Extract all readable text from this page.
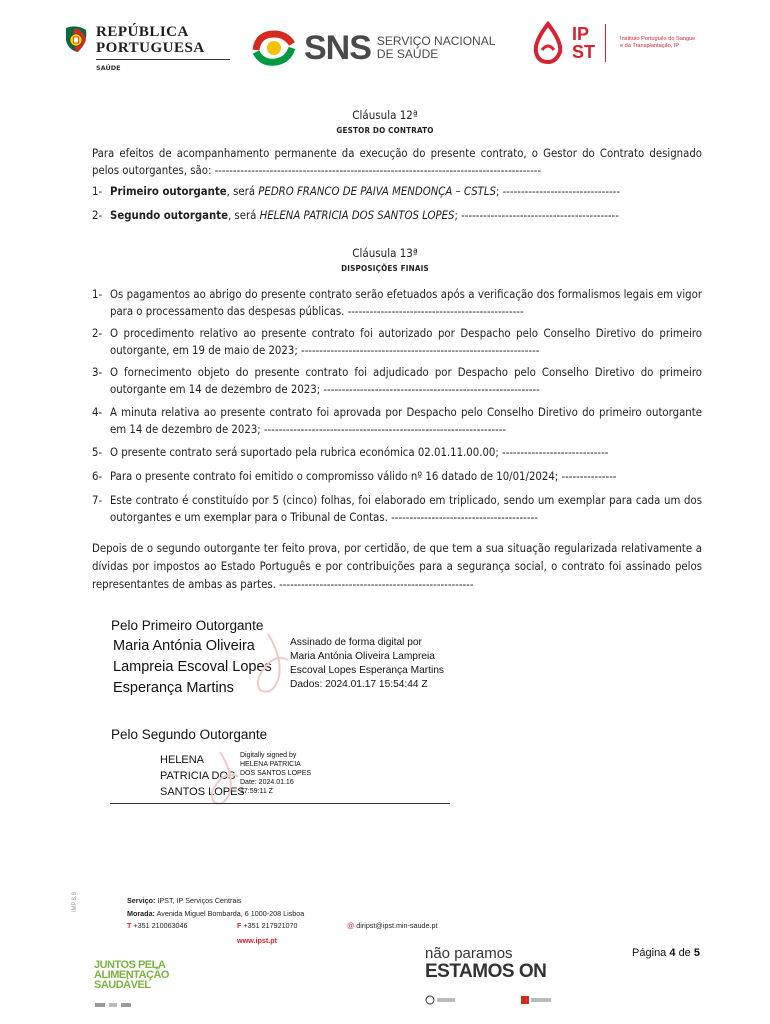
REPÚBLICA
PORTUGUESA
SAÚDE
SNS SERVIÇO NACIONAL
DE SAÚDE
IP
ST
Instituto Português do Sangue
e da Transplantação, IP
Cláusula 12ª
GESTOR DO CONTRATO
Para efeitos de acompanhamento permanente da execução do presente contrato, o Gestor do Contrato designado pelos outorgantes, são: -----------------------------------------------------------------------------------------
1- Primeiro outorgante, será PEDRO FRANCO DE PAIVA MENDONÇA – CSTLS; --------------------------------
2- Segundo outorgante, será HELENA PATRICIA DOS SANTOS LOPES; -------------------------------------------
Cláusula 13ª
DISPOSIÇÕES FINAIS
1- Os pagamentos ao abrigo do presente contrato serão efetuados após a verificação dos formalismos legais em vigor para o processamento das despesas públicas. ------------------------------------------------
2- O procedimento relativo ao presente contrato foi autorizado por Despacho pelo Conselho Diretivo do primeiro outorgante, em 19 de maio de 2023; -----------------------------------------------------------------
3- O fornecimento objeto do presente contrato foi adjudicado por Despacho pelo Conselho Diretivo do primeiro outorgante em 14 de dezembro de 2023; -----------------------------------------------------------
4- A minuta relativa ao presente contrato foi aprovada por Despacho pelo Conselho Diretivo do primeiro outorgante em 14 de dezembro de 2023; ------------------------------------------------------------------
5- O presente contrato será suportado pela rubrica económica 02.01.11.00.00; -----------------------------
6- Para o presente contrato foi emitido o compromisso válido nº 16 datado de 10/01/2024; ---------------
7- Este contrato é constituído por 5 (cinco) folhas, foi elaborado em triplicado, sendo um exemplar para cada um dos outorgantes e um exemplar para o Tribunal de Contas. ----------------------------------------
Depois de o segundo outorgante ter feito prova, por certidão, de que tem a sua situação regularizada relativamente a dívidas por impostos ao Estado Português e por contribuições para a segurança social, o contrato foi assinado pelos representantes de ambas as partes. -----------------------------------------------------
Pelo Primeiro Outorgante
Maria Antónia Oliveira
Lampreia Escoval Lopes
Esperança Martins
Assinado de forma digital por
Maria Antónia Oliveira Lampreia
Escoval Lopes Esperança Martins
Dados: 2024.01.17 15:54:44 Z
Pelo Segundo Outorgante
HELENA
PATRICIA DOS
SANTOS LOPES
Digitally signed by
HELENA PATRICIA
DOS SANTOS LOPES
Date: 2024.01.16
17:59:11 Z
IMP.8.8	Serviço: IPST, IP Serviços Centrais
Morada: Avenida Miguel Bombarda, 6 1000-208 Lisboa
T +351 210063046	F +351 217921070	@ diripst@ipst.min-saude.pt
www.ipst.pt
Página 4 de 5
JUNTOS PELA
ALIMENTAÇÃO
SAUDÁVEL
não paramos
ESTAMOS ON
